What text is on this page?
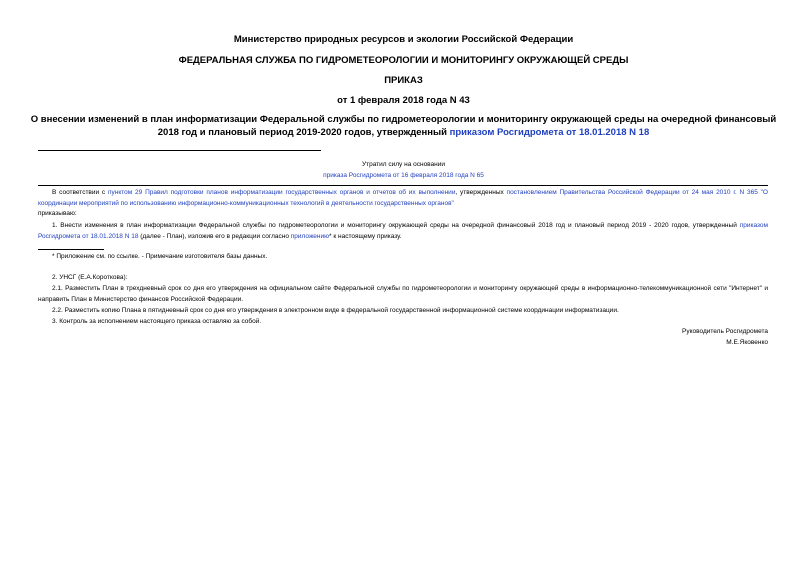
Министерство природных ресурсов и экологии Российской Федерации
ФЕДЕРАЛЬНАЯ СЛУЖБА ПО ГИДРОМЕТЕОРОЛОГИИ И МОНИТОРИНГУ ОКРУЖАЮЩЕЙ СРЕДЫ
ПРИКАЗ
от 1 февраля 2018 года N 43
О внесении изменений в план информатизации Федеральной службы по гидрометеорологии и мониторингу окружающей среды на очередной финансовый 2018 год и плановый период 2019-2020 годов, утвержденный приказом Росгидромета от 18.01.2018 N 18
Утратил силу на основании
приказа Росгидромета от 16 февраля 2018 года N 65
В соответствии с пунктом 29 Правил подготовки планов информатизации государственных органов и отчетов об их выполнении, утвержденных постановлением Правительства Российской Федерации от 24 мая 2010 г. N 365 "О координации мероприятий по использованию информационно-коммуникационных технологий в деятельности государственных органов"
приказываю:
1. Внести изменения в план информатизации Федеральной службы по гидрометеорологии и мониторингу окружающей среды на очередной финансовый 2018 год и плановый период 2019 - 2020 годов, утвержденный приказом Росгидромета от 18.01.2018 N 18 (далее - План), изложив его в редакции согласно приложению* к настоящему приказу.
* Приложение см. по ссылке. - Примечание изготовителя базы данных.
2. УНСГ (Е.А.Короткова):
2.1. Разместить План в трехдневный срок со дня его утверждения на официальном сайте Федеральной службы по гидрометеорологии и мониторингу окружающей среды в информационно-телекоммуникационной сети "Интернет" и направить План в Министерство финансов Российской Федерации.
2.2. Разместить копию Плана в пятидневный срок со дня его утверждения в электронном виде в федеральной государственной информационной системе координации информатизации.
3. Контроль за исполнением настоящего приказа оставляю за собой.
Руководитель Росгидромета
М.Е.Яковенко
